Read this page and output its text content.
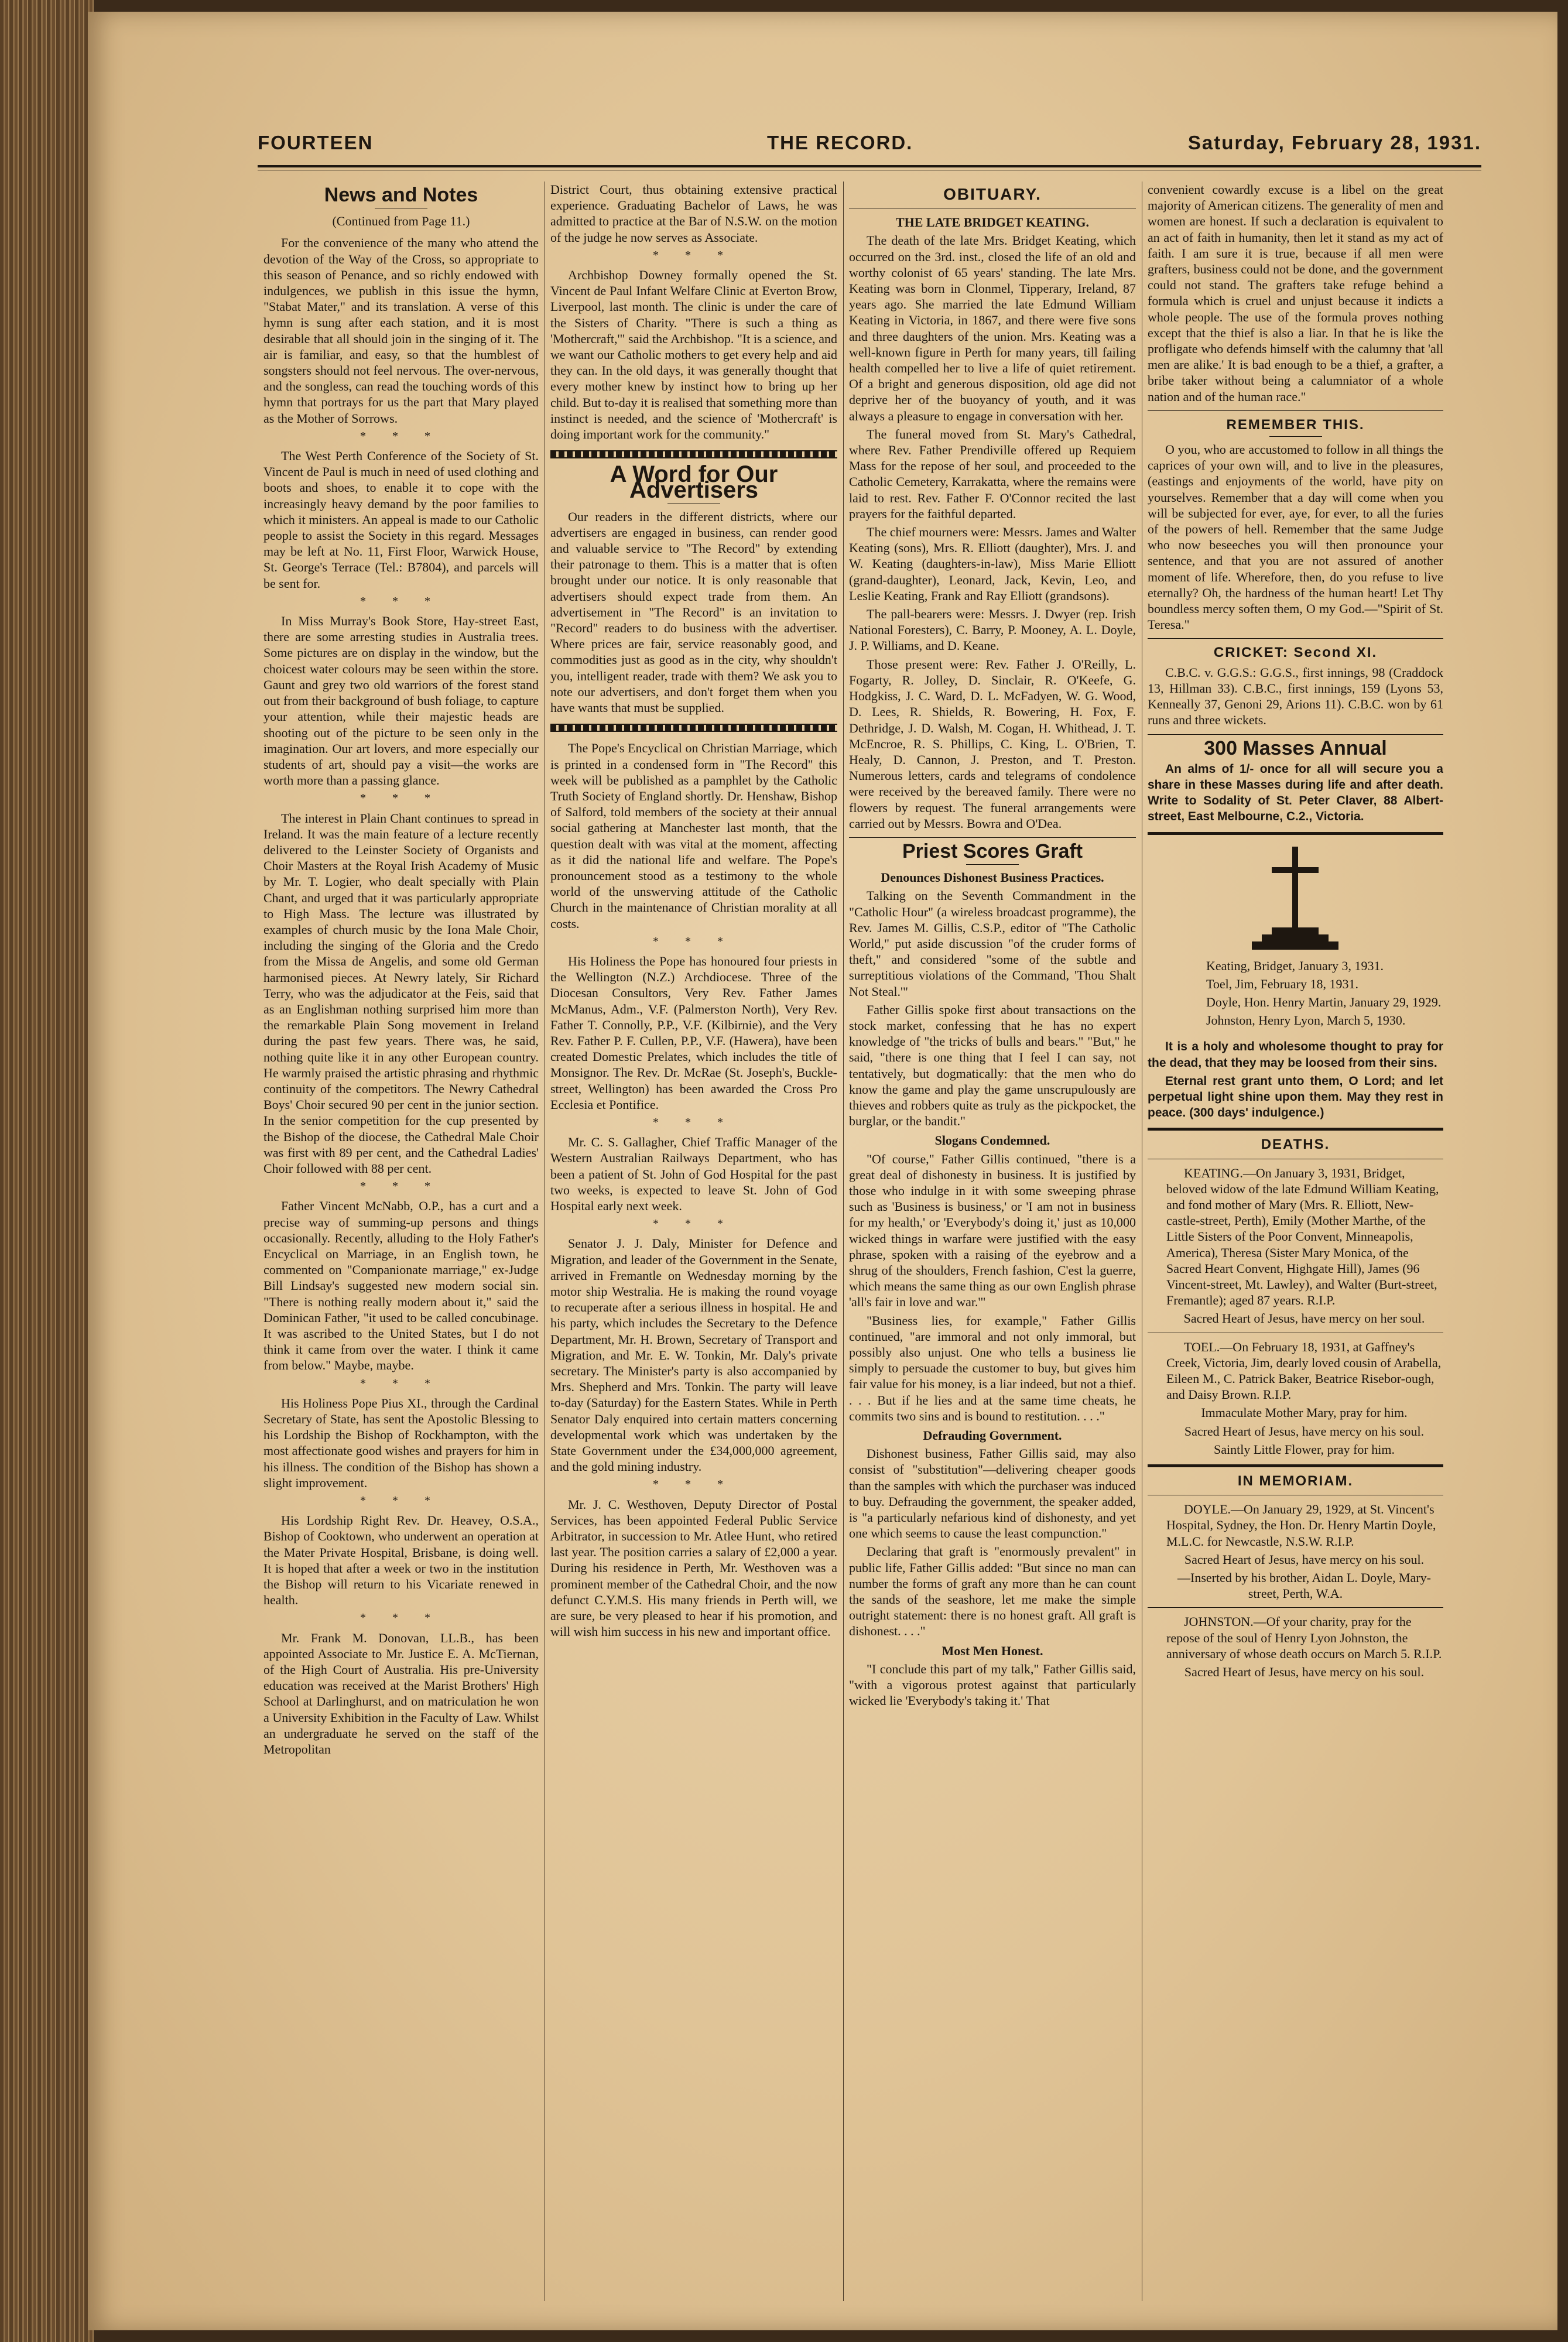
FOURTEEN	THE RECORD.	Saturday, February 28, 1931.
News and Notes
(Continued from Page 11.)

For the convenience of the many who attend the devotion of the Way of the Cross, so appropriate to this season of Penance, and so richly endowed with indulgences, we publish in this issue the hymn, "Stabat Mater," and its translation. A verse of this hymn is sung after each station, and it is most desirable that all should join in the singing of it. The air is familiar, and easy, so that the humblest of songsters should not feel nervous. The over-nervous, and the songless, can read the touching words of this hymn that portrays for us the part that Mary played as the Mother of Sorrows.

* * *

The West Perth Conference of the Society of St. Vincent de Paul is much in need of used clothing and boots and shoes, to enable it to cope with the increasingly heavy demand by the poor families to which it ministers. An appeal is made to our Catholic people to assist the Society in this regard. Messages may be left at No. 11, First Floor, Warwick House, St. George's Terrace (Tel.: B7804), and parcels will be sent for.

* * *

In Miss Murray's Book Store, Hay-street East, there are some arresting studies in Australia trees. Some pictures are on display in the window, but the choicest water colours may be seen within the store. Gaunt and grey two old warriors of the forest stand out from their background of bush foliage, to capture your attention, while their majestic heads are shooting out of the picture to be seen only in the imagination. Our art lovers, and more especially our students of art, should pay a visit—the works are worth more than a passing glance.

* * *

The interest in Plain Chant continues to spread in Ireland. It was the main feature of a lecture recently delivered to the Leinster Society of Organists and Choir Masters at the Royal Irish Academy of Music by Mr. T. Logier, who dealt specially with Plain Chant, and urged that it was particularly appropriate to High Mass. The lecture was illustrated by examples of church music by the Iona Male Choir, including the singing of the Gloria and the Credo from the Missa de Angelis, and some old German harmonised pieces. At Newry lately, Sir Richard Terry, who was the adjudicator at the Feis, said that as an Englishman nothing surprised him more than the remarkable Plain Song movement in Ireland during the past few years. There was, he said, nothing quite like it in any other European country. He warmly praised the artistic phrasing and rhythmic continuity of the competitors. The Newry Cathedral Boys' Choir secured 90 per cent in the junior section. In the senior competition for the cup presented by the Bishop of the diocese, the Cathedral Male Choir was first with 89 per cent, and the Cathedral Ladies' Choir followed with 88 per cent.

* * *

Father Vincent McNabb, O.P., has a curt and a precise way of summing-up persons and things occasionally. Recently, alluding to the Holy Father's Encyclical on Marriage, in an English town, he commented on "Companionate marriage," ex-Judge Bill Lindsay's suggested new modern social sin. "There is nothing really modern about it," said the Dominican Father, "it used to be called concubinage. It was ascribed to the United States, but I do not think it came from over the water. I think it came from below." Maybe, maybe.

* * *

His Holiness Pope Pius XI., through the Cardinal Secretary of State, has sent the Apostolic Blessing to his Lordship the Bishop of Rockhampton, with the most affectionate good wishes and prayers for him in his illness. The condition of the Bishop has shown a slight improvement.

* * *

His Lordship Right Rev. Dr. Heavey, O.S.A., Bishop of Cooktown, who underwent an operation at the Mater Private Hospital, Brisbane, is doing well. It is hoped that after a week or two in the institution the Bishop will return to his Vicariate renewed in health.

* * *

Mr. Frank M. Donovan, LL.B., has been appointed Associate to Mr. Justice E. A. McTiernan, of the High Court of Australia. His pre-University education was received at the Marist Brothers' High School at Darlinghurst, and on matriculation he won a University Exhibition in the Faculty of Law. Whilst an undergraduate he served on the staff of the Metropolitan

District Court, thus obtaining extensive practical experience. Graduating Bachelor of Laws, he was admitted to practice at the Bar of N.S.W. on the motion of the judge he now serves as Associate.

* * *

Archbishop Downey formally opened the St. Vincent de Paul Infant Welfare Clinic at Everton Brow, Liverpool, last month. The clinic is under the care of the Sisters of Charity. "There is such a thing as 'Mothercraft,'" said the Archbishop. "It is a science, and we want our Catholic mothers to get every help and aid they can. In the old days, it was generally thought that every mother knew by instinct how to bring up her child. But to-day it is realised that something more than instinct is needed, and the science of 'Mothercraft' is doing important work for the community."

A Word for Our Advertisers

Our readers in the different districts, where our advertisers are engaged in business, can render good and valuable service to "The Record" by extending their patronage to them. This is a matter that is often brought under our notice. It is only reasonable that advertisers should expect trade from them. An advertisement in "The Record" is an invitation to "Record" readers to do business with the advertiser. Where prices are fair, service reasonably good, and commodities just as good as in the city, why shouldn't you, intelligent reader, trade with them? We ask you to note our advertisers, and don't forget them when you have wants that must be supplied.

The Pope's Encyclical on Christian Marriage, which is printed in a condensed form in "The Record" this week will be published as a pamphlet by the Catholic Truth Society of England shortly. Dr. Henshaw, Bishop of Salford, told members of the society at their annual social gathering at Manchester last month, that the question dealt with was vital at the moment, affecting as it did the national life and welfare. The Pope's pronouncement stood as a testimony to the whole world of the unswerving attitude of the Catholic Church in the maintenance of Christian morality at all costs.

* * *

His Holiness the Pope has honoured four priests in the Wellington (N.Z.) Archdiocese. Three of the Diocesan Consultors, Very Rev. Father James McManus, Adm., V.F. (Palmerston North), Very Rev. Father T. Connolly, P.P., V.F. (Kilbirnie), and the Very Rev. Father P. F. Cullen, P.P., V.F. (Hawera), have been created Domestic Prelates, which includes the title of Monsignor. The Rev. Dr. McRae (St. Joseph's, Buckle-street, Wellington) has been awarded the Cross Pro Ecclesia et Pontifice.

* * *

Mr. C. S. Gallagher, Chief Traffic Manager of the Western Australian Railways Department, who has been a patient of St. John of God Hospital for the past two weeks, is expected to leave St. John of God Hospital early next week.

* * *

Senator J. J. Daly, Minister for Defence and Migration, and leader of the Government in the Senate, arrived in Fremantle on Wednesday morning by the motor ship Westralia. He is making the round voyage to recuperate after a serious illness in hospital. He and his party, which includes the Secretary to the Defence Department, Mr. H. Brown, Secretary of Transport and Migration, and Mr. E. W. Tonkin, Mr. Daly's private secretary. The Minister's party is also accompanied by Mrs. Shepherd and Mrs. Tonkin. The party will leave to-day (Saturday) for the Eastern States. While in Perth Senator Daly enquired into certain matters concerning developmental work which was undertaken by the State Government under the £34,000,000 agreement, and the gold mining industry.

* * *

Mr. J. C. Westhoven, Deputy Director of Postal Services, has been appointed Federal Public Service Arbitrator, in succession to Mr. Atlee Hunt, who retired last year. The position carries a salary of £2,000 a year. During his residence in Perth, Mr. Westhoven was a prominent member of the Cathedral Choir, and the now defunct C.Y.M.S. His many friends in Perth will, we are sure, be very pleased to hear if his promotion, and will wish him success in his new and important office.

OBITUARY.
THE LATE BRIDGET KEATING.

The death of the late Mrs. Bridget Keating, which occurred on the 3rd. inst., closed the life of an old and worthy colonist of 65 years' standing. The late Mrs. Keating was born in Clonmel, Tipperary, Ireland, 87 years ago. She married the late Edmund William Keating in Victoria, in 1867, and there were five sons and three daughters of the union. Mrs. Keating was a well-known figure in Perth for many years, till failing health compelled her to live a life of quiet retirement. Of a bright and generous disposition, old age did not deprive her of the buoyancy of youth, and it was always a pleasure to engage in conversation with her.

The funeral moved from St. Mary's Cathedral, where Rev. Father Prendiville offered up Requiem Mass for the repose of her soul, and proceeded to the Catholic Cemetery, Karrakatta, where the remains were laid to rest. Rev. Father F. O'Connor recited the last prayers for the faithful departed.

The chief mourners were: Messrs. James and Walter Keating (sons), Mrs. R. Elliott (daughter), Mrs. J. and W. Keating (daughters-in-law), Miss Marie Elliott (grand-daughter), Leonard, Jack, Kevin, Leo, and Leslie Keating, Frank and Ray Elliott (grandsons).

The pall-bearers were: Messrs. J. Dwyer (rep. Irish National Foresters), C. Barry, P. Mooney, A. L. Doyle, J. P. Williams, and D. Keane.

Those present were: Rev. Father J. O'Reilly, L. Fogarty, R. Jolley, D. Sinclair, R. O'Keefe, G. Hodgkiss, J. C. Ward, D. L. McFadyen, W. G. Wood, D. Lees, R. Shields, R. Bowering, H. Fox, F. Dethridge, J. D. Walsh, M. Cogan, H. Whithead, J. T. McEncroe, R. S. Phillips, C. King, L. O'Brien, T. Healy, D. Cannon, J. Preston, and T. Preston. Numerous letters, cards and telegrams of condolence were received by the bereaved family. There were no flowers by request. The funeral arrangements were carried out by Messrs. Bowra and O'Dea.

Priest Scores Graft
Denounces Dishonest Business Practices.

Talking on the Seventh Commandment in the "Catholic Hour" (a wireless broadcast programme), the Rev. James M. Gillis, C.S.P., editor of "The Catholic World," put aside discussion "of the cruder forms of theft," and considered "some of the subtle and surreptitious violations of the Command, 'Thou Shalt Not Steal.'"

Father Gillis spoke first about transactions on the stock market, confessing that he has no expert knowledge of "the tricks of bulls and bears." "But," he said, "there is one thing that I feel I can say, not tentatively, but dogmatically: that the men who do know the game and play the game unscrupulously are thieves and robbers quite as truly as the pickpocket, the burglar, or the bandit."

Slogans Condemned.

"Of course," Father Gillis continued, "there is a great deal of dishonesty in business. It is justified by those who indulge in it with some sweeping phrase such as 'Business is business,' or 'I am not in business for my health,' or 'Everybody's doing it,' just as 10,000 wicked things in warfare were justified with the easy phrase, spoken with a raising of the eyebrow and a shrug of the shoulders, French fashion, C'est la guerre, which means the same thing as our own English phrase 'all's fair in love and war.'"

"Business lies, for example," Father Gillis continued, "are immoral and not only immoral, but possibly also unjust. One who tells a business lie simply to persuade the customer to buy, but gives him fair value for his money, is a liar indeed, but not a thief. . . . But if he lies and at the same time cheats, he commits two sins and is bound to restitution. . . ."

Defrauding Government.

Dishonest business, Father Gillis said, may also consist of "substitution"—delivering cheaper goods than the samples with which the purchaser was induced to buy. Defrauding the government, the speaker added, is "a particularly nefarious kind of dishonesty, and yet one which seems to cause the least compunction."

Declaring that graft is "enormously prevalent" in public life, Father Gillis added: "But since no man can number the forms of graft any more than he can count the sands of the seashore, let me make the simple outright statement: there is no honest graft. All graft is dishonest. . . ."

Most Men Honest.

"I conclude this part of my talk," Father Gillis said, "with a vigorous protest against that particularly wicked lie 'Everybody's taking it.' That

convenient cowardly excuse is a libel on the great majority of American citizens. The generality of men and women are honest. If such a declaration is equivalent to an act of faith in humanity, then let it stand as my act of faith. I am sure it is true, because if all men were grafters, business could not be done, and the government could not stand. The grafters take refuge behind a formula which is cruel and unjust because it indicts a whole people. The use of the formula proves nothing except that the thief is also a liar. In that he is like the profligate who defends himself with the calumny that 'all men are alike.' It is bad enough to be a thief, a grafter, a bribe taker without being a calumniator of a whole nation and of the human race."

REMEMBER THIS.

O you, who are accustomed to follow in all things the caprices of your own will, and to live in the pleasures, (eastings and enjoyments of the world, have pity on yourselves. Remember that a day will come when you will be subjected for ever, aye, for ever, to all the furies of the powers of hell. Remember that the same Judge who now beseeches you will then pronounce your sentence, and that you are not assured of another moment of life. Wherefore, then, do you refuse to live eternally? Oh, the hardness of the human heart! Let Thy boundless mercy soften them, O my God.—"Spirit of St. Teresa."

CRICKET: Second XI.

C.B.C. v. G.G.S.: G.G.S., first innings, 98 (Craddock 13, Hillman 33). C.B.C., first innings, 159 (Lyons 53, Kenneally 37, Genoni 29, Arions 11). C.B.C. won by 61 runs and three wickets.

300 Masses Annual

An alms of 1/- once for all will secure you a share in these Masses during life and after death. Write to Sodality of St. Peter Claver, 88 Albert-street, East Melbourne, C.2., Victoria.

Keating, Bridget, January 3, 1931.

Toel, Jim, February 18, 1931.

Doyle, Hon. Henry Martin, January 29, 1929.

Johnston, Henry Lyon, March 5, 1930.

It is a holy and wholesome thought to pray for the dead, that they may be loosed from their sins.

Eternal rest grant unto them, O Lord; and let perpetual light shine upon them. May they rest in peace. (300 days' indulgence.)

DEATHS.

KEATING.—On January 3, 1931, Bridget, beloved widow of the late Edmund William Keating, and fond mother of Mary (Mrs. R. Elliott, New-castle-street, Perth), Emily (Mother Marthe, of the Little Sisters of the Poor Convent, Minneapolis, America), Theresa (Sister Mary Monica, of the Sacred Heart Convent, Highgate Hill), James (96 Vincent-street, Mt. Lawley), and Walter (Burt-street, Fremantle); aged 87 years. R.I.P.

Sacred Heart of Jesus, have mercy on her soul.

TOEL.—On February 18, 1931, at Gaffney's Creek, Victoria, Jim, dearly loved cousin of Arabella, Eileen M., C. Patrick Baker, Beatrice Risebor-ough, and Daisy Brown. R.I.P.

Immaculate Mother Mary, pray for him.

Sacred Heart of Jesus, have mercy on his soul.

Saintly Little Flower, pray for him.

IN MEMORIAM.

DOYLE.—On January 29, 1929, at St. Vincent's Hospital, Sydney, the Hon. Dr. Henry Martin Doyle, M.L.C. for Newcastle, N.S.W. R.I.P.

Sacred Heart of Jesus, have mercy on his soul.

—Inserted by his brother, Aidan L. Doyle, Mary-street, Perth, W.A.

JOHNSTON.—Of your charity, pray for the repose of the soul of Henry Lyon Johnston, the anniversary of whose death occurs on March 5. R.I.P.

Sacred Heart of Jesus, have mercy on his soul.
